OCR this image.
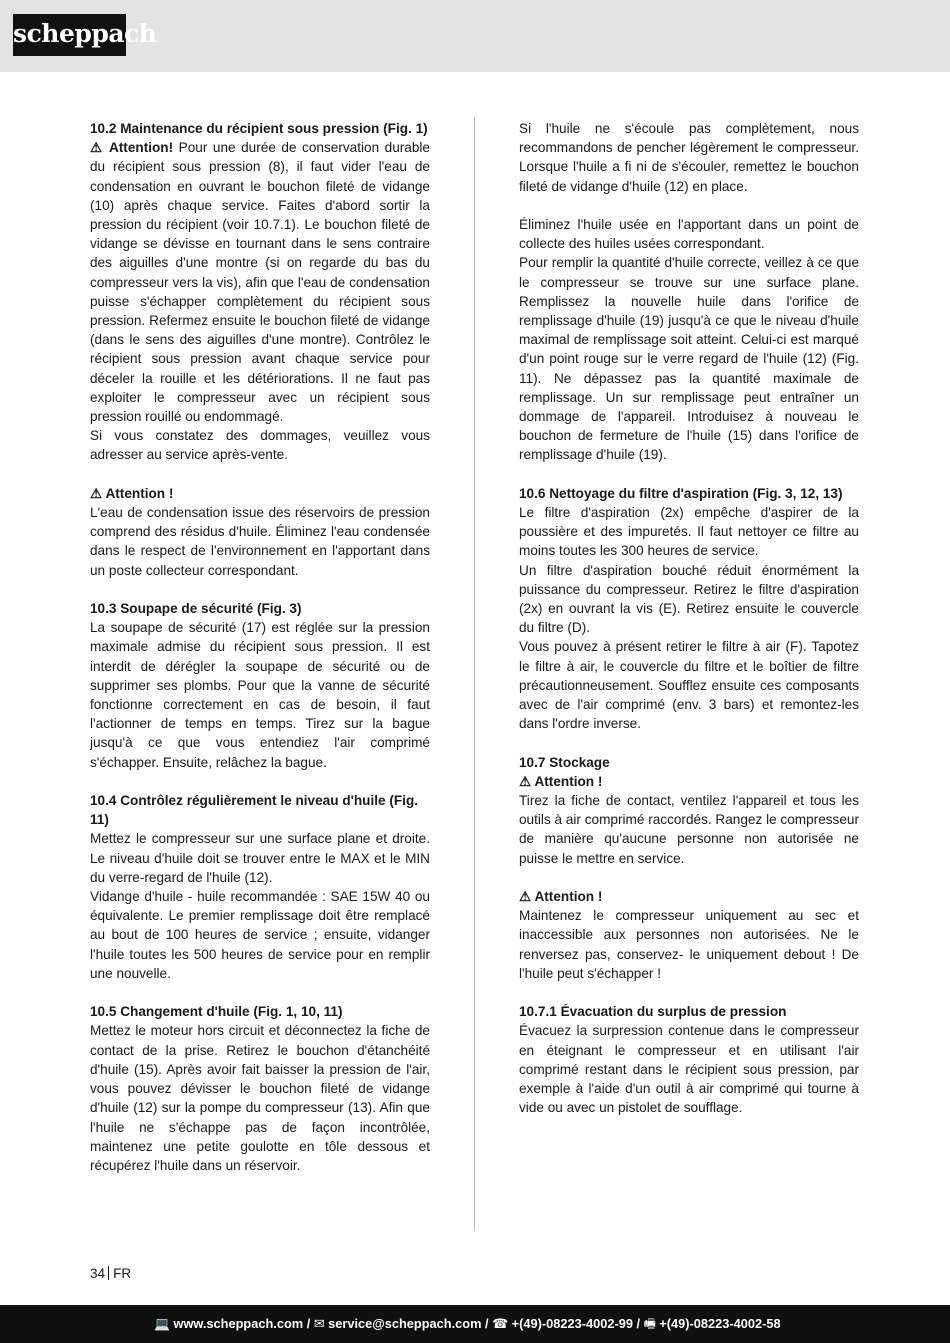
scheppach

10.2 Maintenance du récipient sous pression (Fig. 1)

⚠ Attention! Pour une durée de conservation durable du récipient sous pression (8), il faut vider l'eau de condensation en ouvrant le bouchon fileté de vidange (10) après chaque service. Faites d'abord sortir la pression du récipient (voir 10.7.1). Le bouchon fileté de vidange se dévisse en tournant dans le sens contraire des aiguilles d'une montre (si on regarde du bas du compresseur vers la vis), afin que l'eau de condensation puisse s'échapper complètement du récipient sous pression. Refermez ensuite le bouchon fileté de vidange (dans le sens des aiguilles d'une montre). Contrôlez le récipient sous pression avant chaque service pour déceler la rouille et les détériorations. Il ne faut pas exploiter le compresseur avec un récipient sous pression rouillé ou endommagé.

Si vous constatez des dommages, veuillez vous adresser au service après-vente.

⚠ Attention !

L'eau de condensation issue des réservoirs de pression comprend des résidus d'huile. Éliminez l'eau condensée dans le respect de l'environnement en l'apportant dans un poste collecteur correspondant.

10.3 Soupape de sécurité (Fig. 3)

La soupape de sécurité (17) est réglée sur la pression maximale admise du récipient sous pression. Il est interdit de dérégler la soupape de sécurité ou de supprimer ses plombs. Pour que la vanne de sécurité fonctionne correctement en cas de besoin, il faut l'actionner de temps en temps. Tirez sur la bague jusqu'à ce que vous entendiez l'air comprimé s'échapper. Ensuite, relâchez la bague.

10.4 Contrôlez régulièrement le niveau d'huile (Fig. 11)

Mettez le compresseur sur une surface plane et droite. Le niveau d'huile doit se trouver entre le MAX et le MIN du verre-regard de l'huile (12).

Vidange d'huile - huile recommandée : SAE 15W 40 ou équivalente. Le premier remplissage doit être remplacé au bout de 100 heures de service ; ensuite, vidanger l'huile toutes les 500 heures de service pour en remplir une nouvelle.

10.5 Changement d'huile (Fig. 1, 10, 11)

Mettez le moteur hors circuit et déconnectez la fiche de contact de la prise. Retirez le bouchon d'étanchéité d'huile (15). Après avoir fait baisser la pression de l'air, vous pouvez dévisser le bouchon fileté de vidange d'huile (12) sur la pompe du compresseur (13). Afin que l'huile ne s'échappe pas de façon incontrôlée, maintenez une petite goulotte en tôle dessous et récupérez l'huile dans un réservoir.

Si l'huile ne s'écoule pas complètement, nous recommandons de pencher légèrement le compresseur. Lorsque l'huile a fi ni de s'écouler, remettez le bouchon fileté de vidange d'huile (12) en place.

Éliminez l'huile usée en l'apportant dans un point de collecte des huiles usées correspondant.

Pour remplir la quantité d'huile correcte, veillez à ce que le compresseur se trouve sur une surface plane. Remplissez la nouvelle huile dans l'orifice de remplissage d'huile (19) jusqu'à ce que le niveau d'huile maximal de remplissage soit atteint. Celui-ci est marqué d'un point rouge sur le verre regard de l'huile (12) (Fig. 11). Ne dépassez pas la quantité maximale de remplissage. Un sur remplissage peut entraîner un dommage de l'appareil. Introduisez à nouveau le bouchon de fermeture de l'huile (15) dans l'orifice de remplissage d'huile (19).

10.6 Nettoyage du filtre d'aspiration (Fig. 3, 12, 13)

Le filtre d'aspiration (2x) empêche d'aspirer de la poussière et des impuretés. Il faut nettoyer ce filtre au moins toutes les 300 heures de service.

Un filtre d'aspiration bouché réduit énormément la puissance du compresseur. Retirez le filtre d'aspiration (2x) en ouvrant la vis (E). Retirez ensuite le couvercle du filtre (D).

Vous pouvez à présent retirer le filtre à air (F). Tapotez le filtre à air, le couvercle du filtre et le boîtier de filtre précautionneusement. Soufflez ensuite ces composants avec de l'air comprimé (env. 3 bars) et remontez-les dans l'ordre inverse.

10.7 Stockage

⚠ Attention !

Tirez la fiche de contact, ventilez l'appareil et tous les outils à air comprimé raccordés. Rangez le compresseur de manière qu'aucune personne non autorisée ne puisse le mettre en service.

⚠ Attention !

Maintenez le compresseur uniquement au sec et inaccessible aux personnes non autorisées. Ne le renversez pas, conservez- le uniquement debout ! De l'huile peut s'échapper !

10.7.1 Évacuation du surplus de pression

Évacuez la surpression contenue dans le compresseur en éteignant le compresseur et en utilisant l'air comprimé restant dans le récipient sous pression, par exemple à l'aide d'un outil à air comprimé qui tourne à vide ou avec un pistolet de soufflage.

34 FR
💻 www.scheppach.com / ✉ service@scheppach.com / ☎ +(49)-08223-4002-99 / 🖷 +(49)-08223-4002-58
